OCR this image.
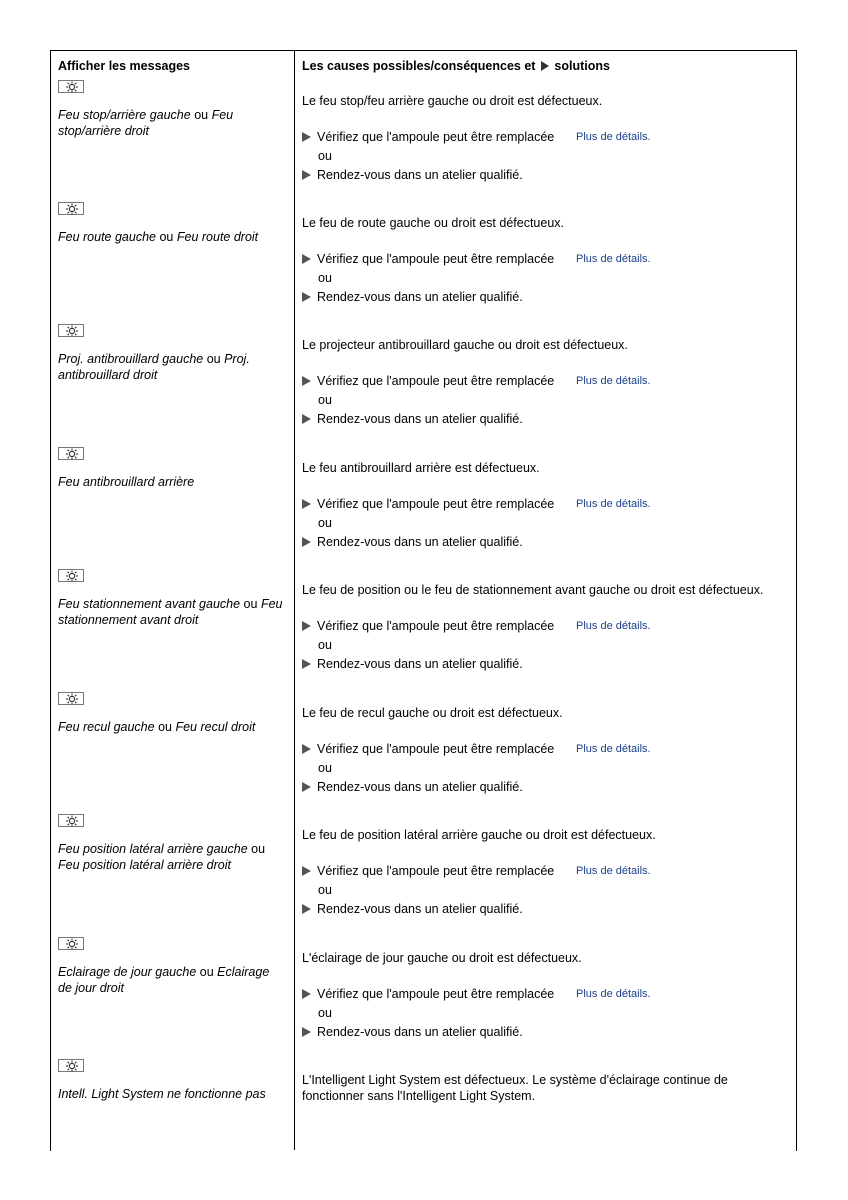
Afficher les messages	Les causes possibles/conséquences et solutions
Feu stop/arrière gauche ou Feu stop/arrière droit
Le feu stop/feu arrière gauche ou droit est défectueux.
Vérifiez que l'ampoule peut être remplacée Plus de détails.
ou
Rendez-vous dans un atelier qualifié.
Feu route gauche ou Feu route droit
Le feu de route gauche ou droit est défectueux.
Vérifiez que l'ampoule peut être remplacée Plus de détails.
ou
Rendez-vous dans un atelier qualifié.
Proj. antibrouillard gauche ou Proj. antibrouillard droit
Le projecteur antibrouillard gauche ou droit est défectueux.
Vérifiez que l'ampoule peut être remplacée Plus de détails.
ou
Rendez-vous dans un atelier qualifié.
Feu antibrouillard arrière
Le feu antibrouillard arrière est défectueux.
Vérifiez que l'ampoule peut être remplacée Plus de détails.
ou
Rendez-vous dans un atelier qualifié.
Feu stationnement avant gauche ou Feu stationnement avant droit
Le feu de position ou le feu de stationnement avant gauche ou droit est défectueux.
Vérifiez que l'ampoule peut être remplacée Plus de détails.
ou
Rendez-vous dans un atelier qualifié.
Feu recul gauche ou Feu recul droit
Le feu de recul gauche ou droit est défectueux.
Vérifiez que l'ampoule peut être remplacée Plus de détails.
ou
Rendez-vous dans un atelier qualifié.
Feu position latéral arrière gauche ou Feu position latéral arrière droit
Le feu de position latéral arrière gauche ou droit est défectueux.
Vérifiez que l'ampoule peut être remplacée Plus de détails.
ou
Rendez-vous dans un atelier qualifié.
Eclairage de jour gauche ou Eclairage de jour droit
L'éclairage de jour gauche ou droit est défectueux.
Vérifiez que l'ampoule peut être remplacée Plus de détails.
ou
Rendez-vous dans un atelier qualifié.
Intell. Light System ne fonctionne pas
L'Intelligent Light System est défectueux. Le système d'éclairage continue de fonctionner sans l'Intelligent Light System.
